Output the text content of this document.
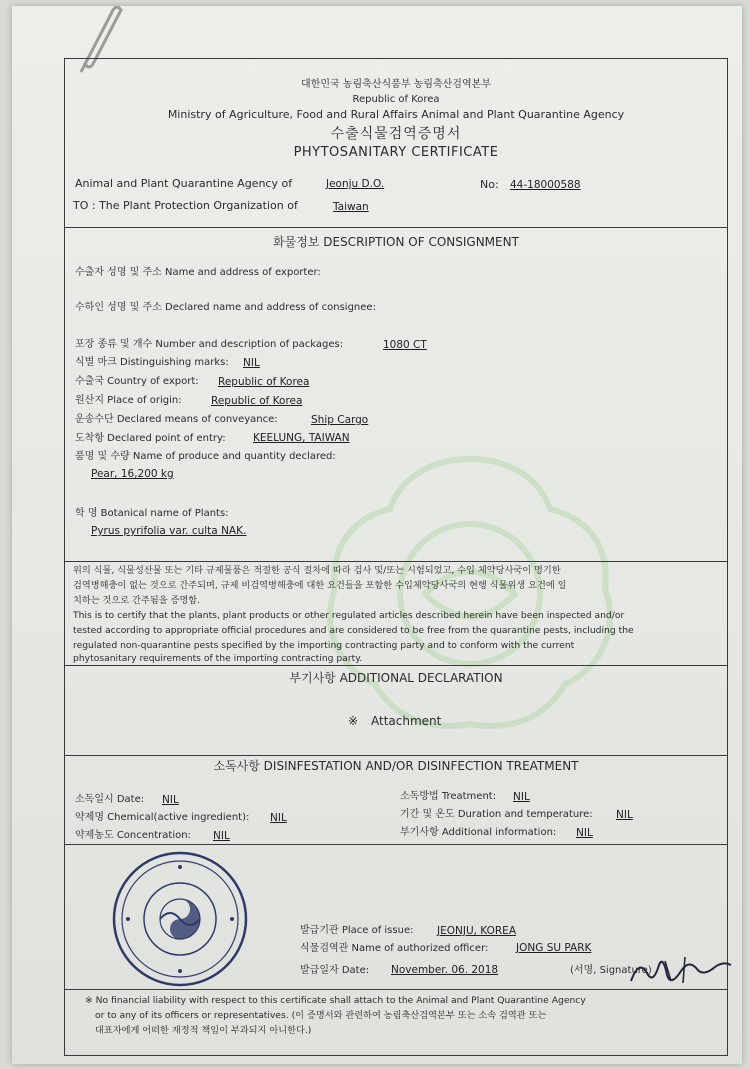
대한민국 농림축산식품부 농림축산검역본부
Republic of Korea
Ministry of Agriculture, Food and Rural Affairs Animal and Plant Quarantine Agency
수출식물검역증명서
PHYTOSANITARY CERTIFICATE
Animal and Plant Quarantine Agency of	Jeonju D.O.	No: 44-18000588
TO : The Plant Protection Organization of	Taiwan
화물정보 DESCRIPTION OF CONSIGNMENT
수출자 성명 및 주소 Name and address of exporter:
수하인 성명 및 주소 Declared name and address of consignee:
포장 종류 및 개수 Number and description of packages:	1080 CT
식별 마크 Distinguishing marks: NIL
수출국 Country of export: Republic of Korea
원산지 Place of origin:	Republic of Korea
운송수단 Declared means of conveyance:	Ship Cargo
도착항 Declared point of entry:	KEELUNG, TAIWAN
품명 및 수량 Name of produce and quantity declared:
Pear, 16,200 kg
학 명 Botanical name of Plants:
Pyrus pyrifolia var. culta NAK.
위의 식물, 식물성산물 또는 기타 규제물품은 적절한 공식 절차에 따라 검사 및/또는 시험되었고, 수입 체약당사국이 명기한
검역병해충이 없는 것으로 간주되며, 규제 비검역병해충에 대한 요건들을 포함한 수입체약당사국의 현행 식물위생 요건에 일
치하는 것으로 간주됨을 증명함.
This is to certify that the plants, plant products or other regulated articles described herein have been inspected and/or
tested according to appropriate official procedures and are considered to be free from the quarantine pests, including the
regulated non-quarantine pests specified by the importing contracting party and to conform with the current
phytosanitary requirements of the importing contracting party.
부기사항 ADDITIONAL DECLARATION
※ Attachment
소독사항 DISINFESTATION AND/OR DISINFECTION TREATMENT
소독일시 Date: NIL
약제명 Chemical(active ingredient): NIL
약제농도 Concentration: NIL
소독방법 Treatment: NIL
기간 및 온도 Duration and temperature: NIL
부기사항 Additional information: NIL
발급기관 Place of issue: JEONJU, KOREA
식물검역관 Name of authorized officer:	JONG SU PARK
발급일자 Date: November. 06. 2018	(서명, Signature)
※ No financial liability with respect to this certificate shall attach to the Animal and Plant Quarantine Agency
or to any of its officers or representatives. (이 증명서와 관련하여 농림축산검역본부 또는 소속 검역관 또는
대표자에게 어떠한 재정적 책임이 부과되지 아니한다.)
